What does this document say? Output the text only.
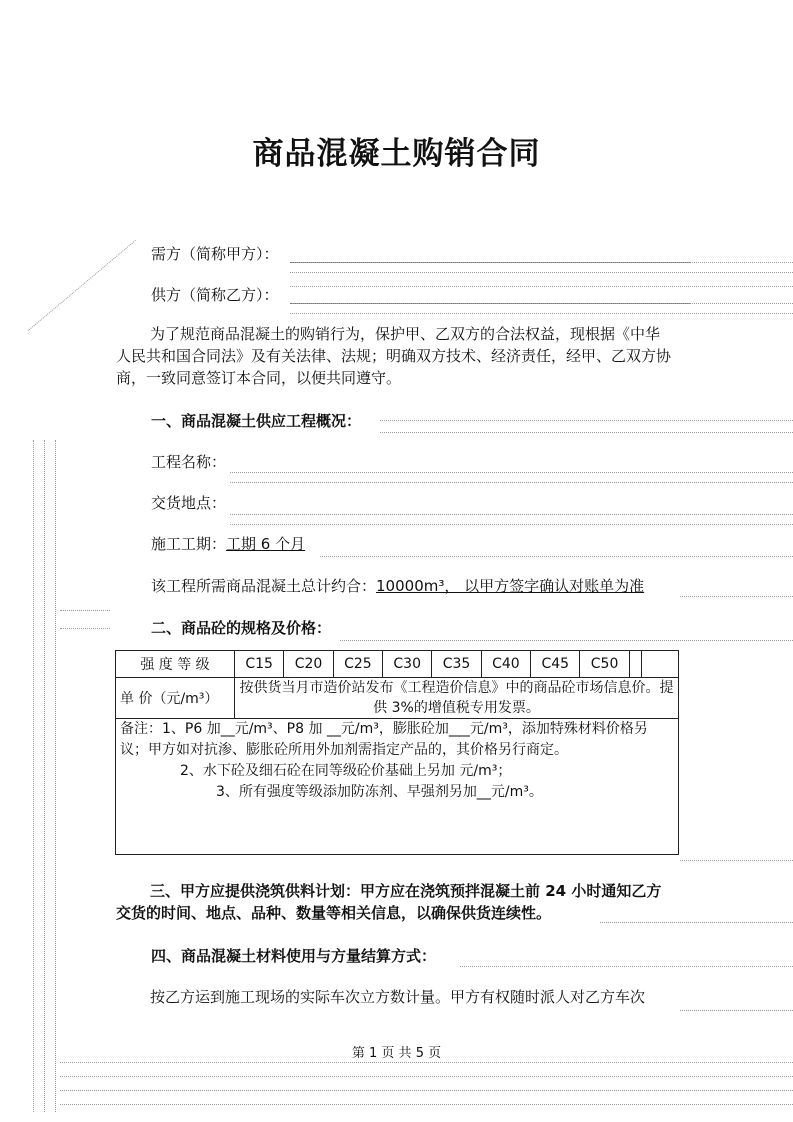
商品混凝土购销合同
需方（简称甲方）：
供方（简称乙方）：
为了规范商品混凝土的购销行为，保护甲、乙双方的合法权益，现根据《中华人民共和国合同法》及有关法律、法规；明确双方技术、经济责任，经甲、乙双方协商，一致同意签订本合同，以便共同遵守。
一、商品混凝土供应工程概况：
工程名称：
交货地点：
施工工期：工期 6 个月
该工程所需商品混凝土总计约合：10000m³， 以甲方签字确认对账单为准
二、商品砼的规格及价格：
强 度 等 级	C15	C20	C25	C30	C35	C40	C45	C50		
单 价（元/m³）	按供货当月市造价站发布《工程造价信息》中的商品砼市场信息价。提供 3%的增值税专用发票。									

备注：1、P6 加__元/m³、P8 加 __元/m³，膨胀砼加___元/m³，添加特殊材料价格另议；甲方如对抗渗、膨胀砼所用外加剂需指定产品的，其价格另行商定。
2、水下砼及细石砼在同等级砼价基础上另加 元/m³；
3、所有强度等级添加防冻剂、早强剂另加__元/m³。										
三、甲方应提供浇筑供料计划：甲方应在浇筑预拌混凝土前 24 小时通知乙方交货的时间、地点、品种、数量等相关信息，以确保供货连续性。
四、商品混凝土材料使用与方量结算方式：
按乙方运到施工现场的实际车次立方数计量。甲方有权随时派人对乙方车次
第 1 页 共 5 页
